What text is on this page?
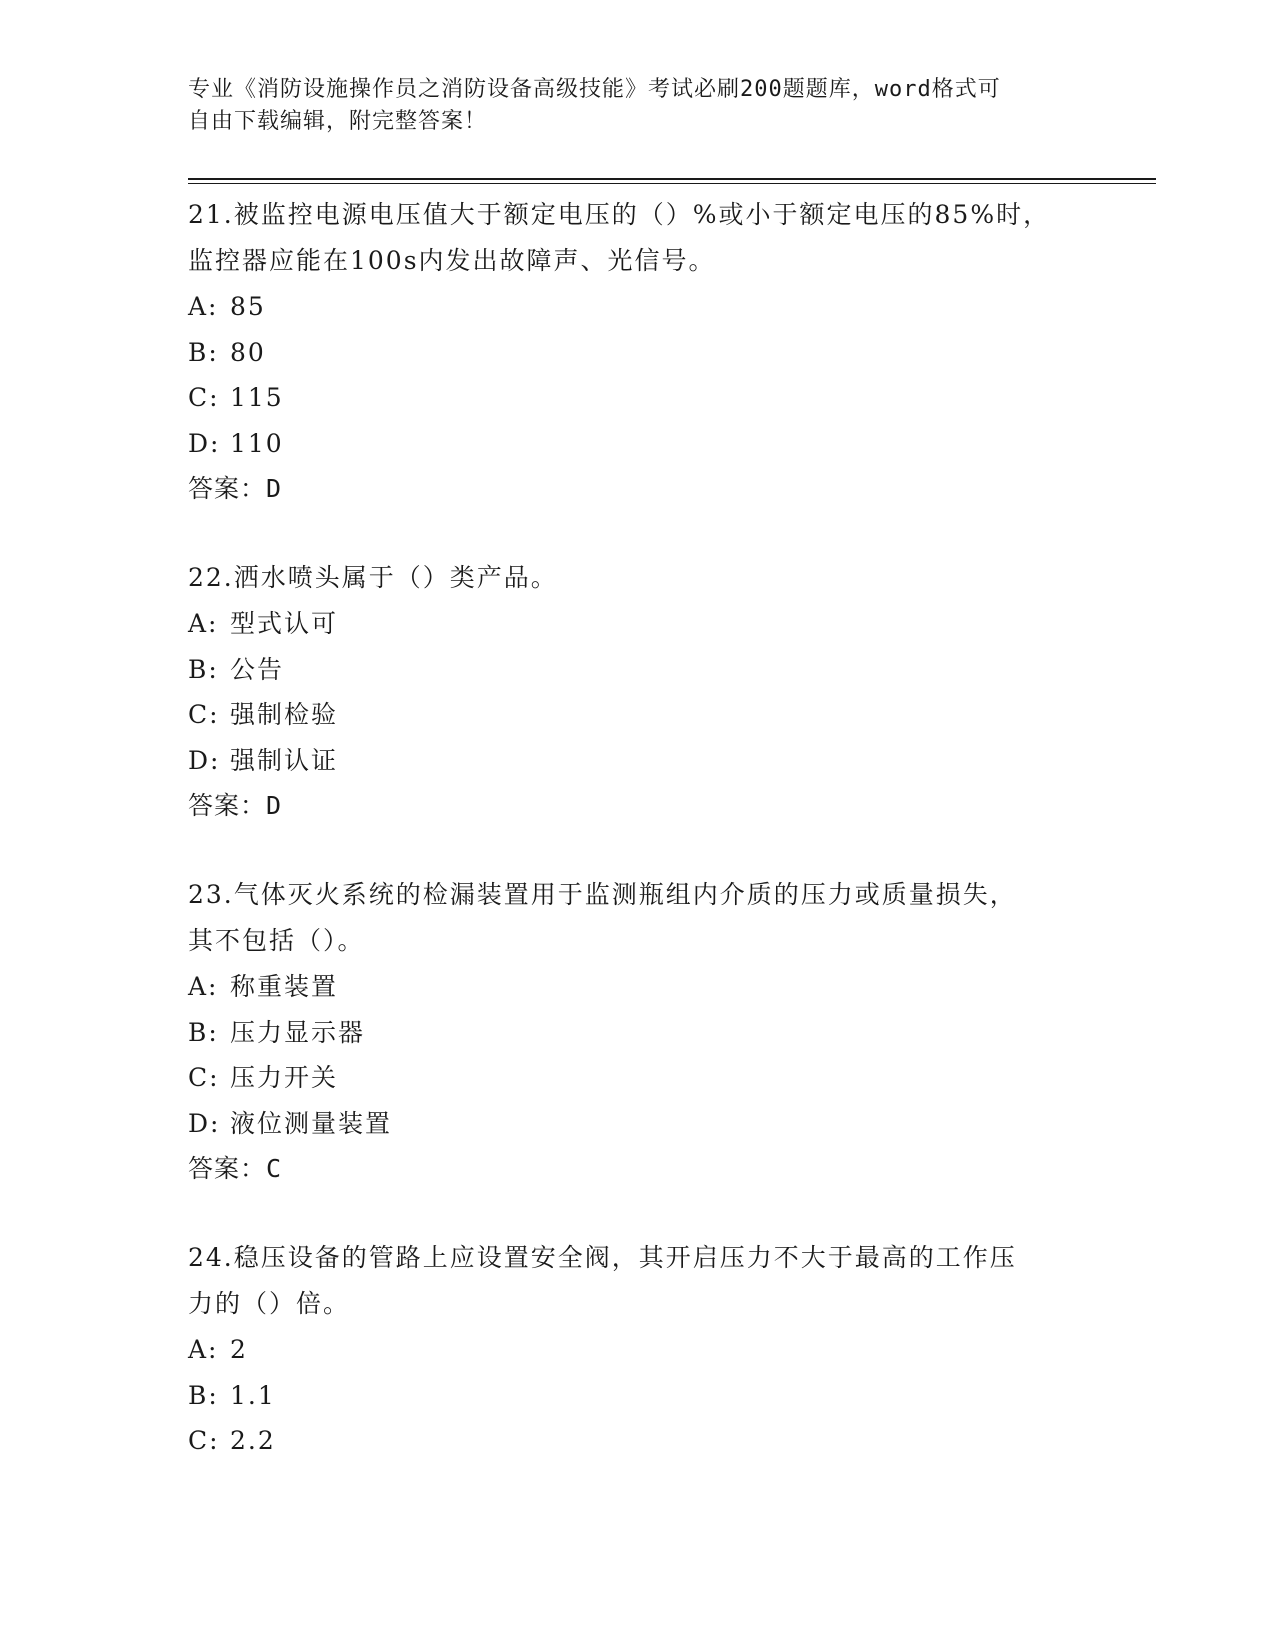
专业《消防设施操作员之消防设备高级技能》考试必刷200题题库，word格式可
自由下载编辑，附完整答案！
21.被监控电源电压值大于额定电压的（）%或小于额定电压的85%时，
监控器应能在100s内发出故障声、光信号。
A: 85
B: 80
C: 115
D: 110
答案：D
22.洒水喷头属于（）类产品。
A: 型式认可
B: 公告
C: 强制检验
D: 强制认证
答案：D
23.气体灭火系统的检漏装置用于监测瓶组内介质的压力或质量损失，
其不包括（）。
A: 称重装置
B: 压力显示器
C: 压力开关
D: 液位测量装置
答案：C
24.稳压设备的管路上应设置安全阀，其开启压力不大于最高的工作压
力的（）倍。
A: 2
B: 1.1
C: 2.2
